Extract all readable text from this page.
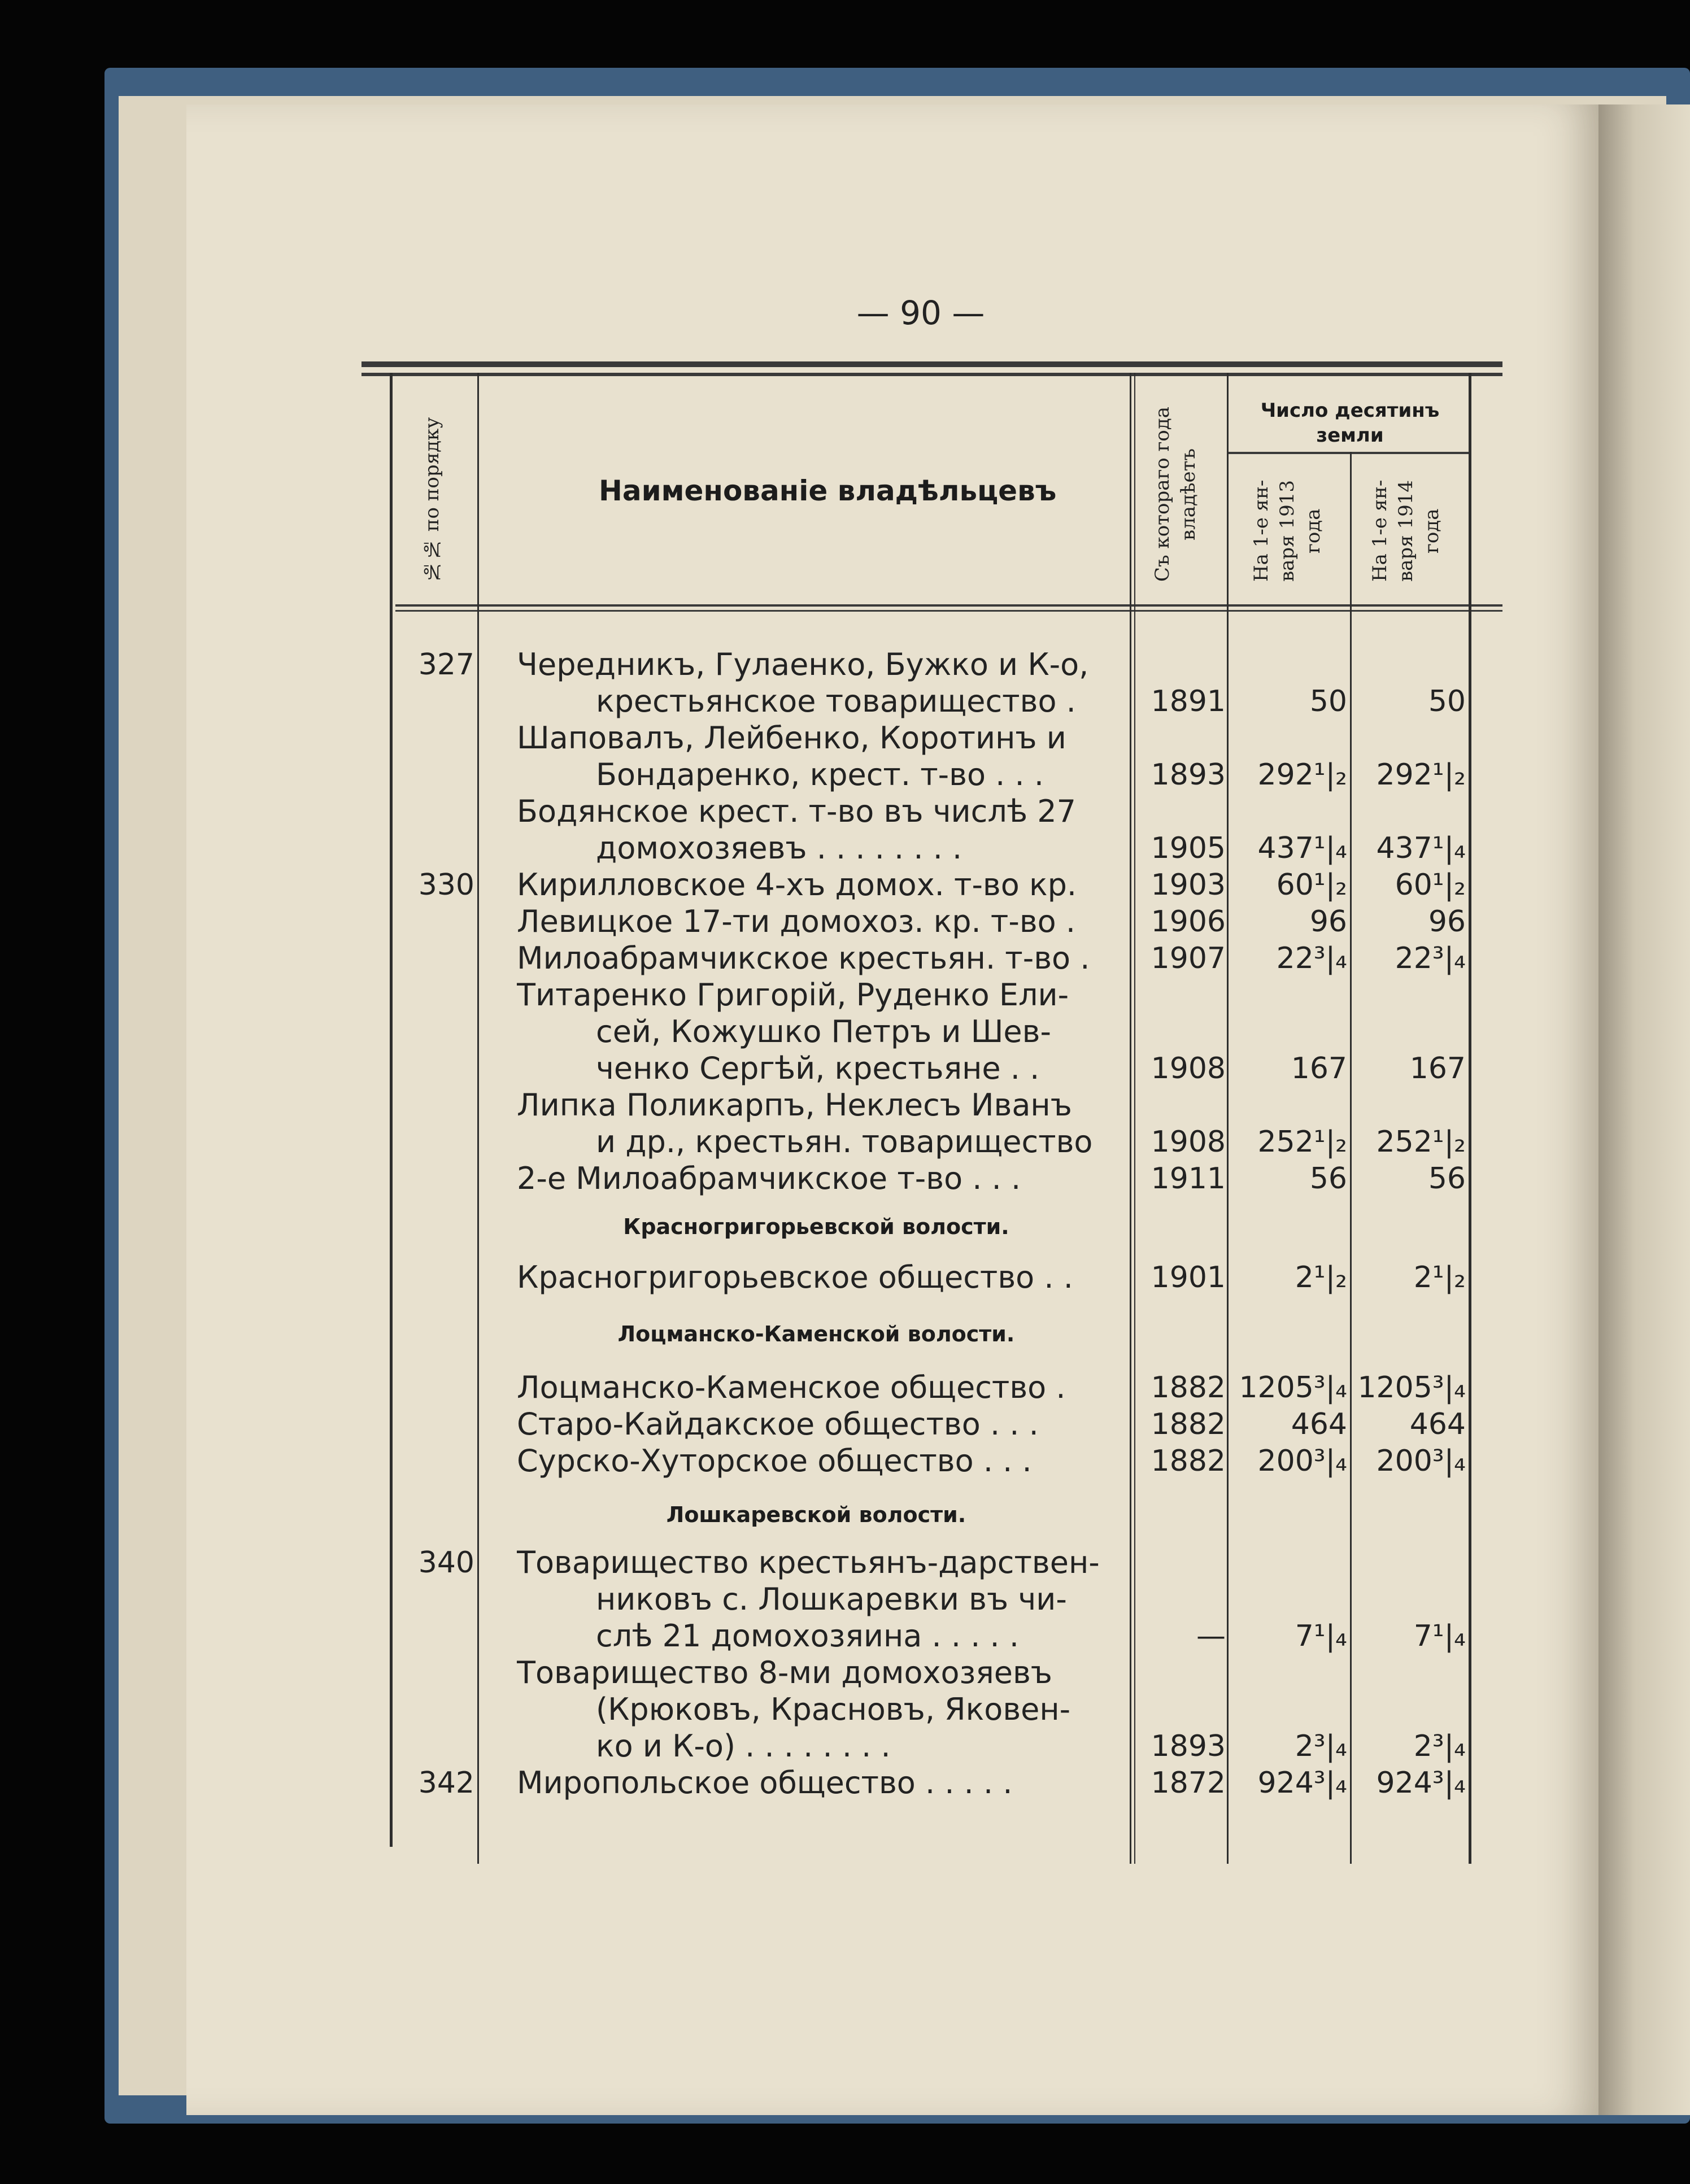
— 90 —
№№ по порядку	Наименованіе владѣльцевъ	Съ котораго года владѣетъ
Число десятинъ земли
На 1-е ян-варя 1913 года	На 1-е ян-варя 1914 года
327 Чередникъ, Гулаенко, Бужко и К-о,
крестьянское товарищество .	1891	50	50
Шаповалъ, Лейбенко, Коротинъ и
Бондаренко, крест. т-во . . .	1893	292¹|₂ 292¹|₂
Бодянское крест. т-во въ числѣ 27
домохозяевъ . . . . . . . .	1905	437¹|₄ 437¹|₄
330 Кирилловское 4-хъ домох. т-во кр.	1903	60¹|₂	60¹|₂
Левицкое 17-ти домохоз. кр. т-во .	1906	96	96
Милоабрамчикское крестьян. т-во .	1907	22³|₄	22³|₄
Титаренко Григорій, Руденко Ели-
сей, Кожушко Петръ и Шев-
ченко Сергѣй, крестьяне . .	1908	167	167
Липка Поликарпъ, Неклесъ Иванъ
и др., крестьян. товарищество	1908	252¹|₂ 252¹|₂
2-е Милоабрамчикское т-во . . .	1911	56	56
Красногригорьевской волости.
Красногригорьевское общество . .	1901	2¹|₂	2¹|₂
Лоцманско-Каменской волости.
Лоцманско-Каменское общество .	1882 1205³|₄ 1205³|₄
Старо-Кайдакское общество . . .	1882	464	464
Сурско-Хуторское общество . . .	1882	200³|₄ 200³|₄
Лошкаревской волости.
340 Товарищество крестьянъ-дарствен-
никовъ с. Лошкаревки въ чи-
слѣ 21 домохозяина . . . . .	—	7¹|₄	7¹|₄
Товарищество 8-ми домохозяевъ
(Крюковъ, Красновъ, Яковен-
ко и К-о) . . . . . . . .	1893	2³|₄	2³|₄
342 Миропольское общество . . . . .	1872	924³|₄ 924³|₄
